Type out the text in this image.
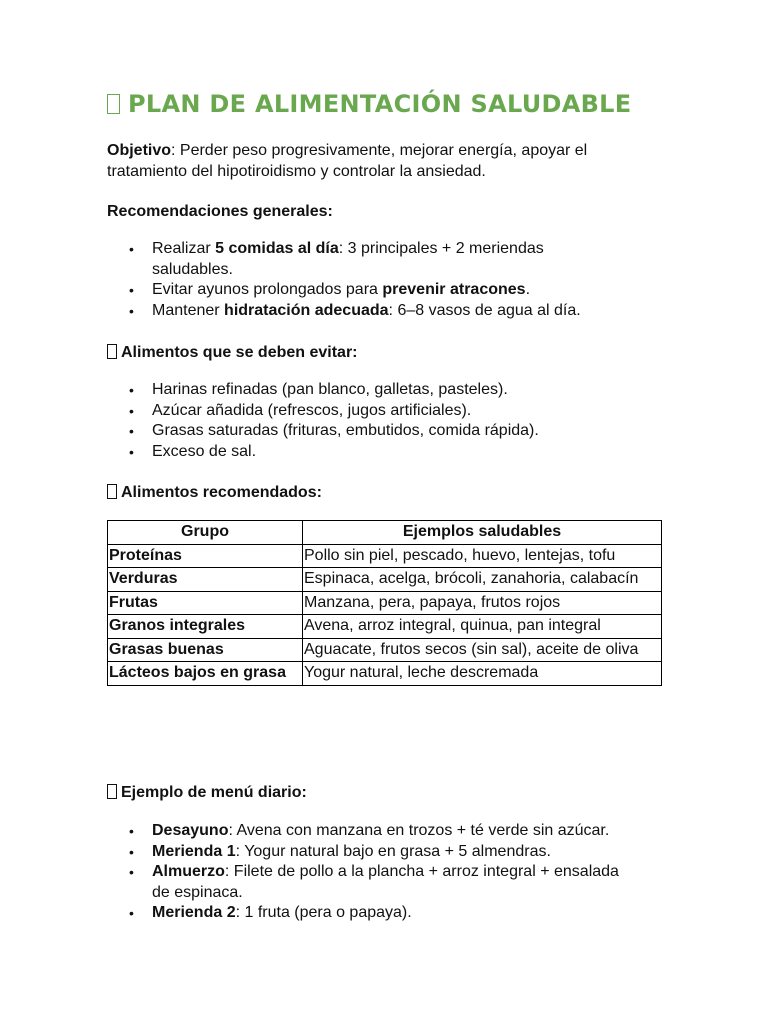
PLAN DE ALIMENTACIÓN SALUDABLE

Objetivo: Perder peso progresivamente, mejorar energía, apoyar el tratamiento del hipotiroidismo y controlar la ansiedad.

Recomendaciones generales:

• Realizar 5 comidas al día: 3 principales + 2 meriendas saludables.
• Evitar ayunos prolongados para prevenir atracones.
• Mantener hidratación adecuada: 6–8 vasos de agua al día.

Alimentos que se deben evitar:

• Harinas refinadas (pan blanco, galletas, pasteles).
• Azúcar añadida (refrescos, jugos artificiales).
• Grasas saturadas (frituras, embutidos, comida rápida).
• Exceso de sal.

Alimentos recomendados:

Grupo	Ejemplos saludables
Proteínas	Pollo sin piel, pescado, huevo, lentejas, tofu
Verduras	Espinaca, acelga, brócoli, zanahoria, calabacín
Frutas	Manzana, pera, papaya, frutos rojos
Granos integrales	Avena, arroz integral, quinua, pan integral
Grasas buenas	Aguacate, frutos secos (sin sal), aceite de oliva
Lácteos bajos en grasa	Yogur natural, leche descremada

Ejemplo de menú diario:

• Desayuno: Avena con manzana en trozos + té verde sin azúcar.
• Merienda 1: Yogur natural bajo en grasa + 5 almendras.
• Almuerzo: Filete de pollo a la plancha + arroz integral + ensalada de espinaca.
• Merienda 2: 1 fruta (pera o papaya).
